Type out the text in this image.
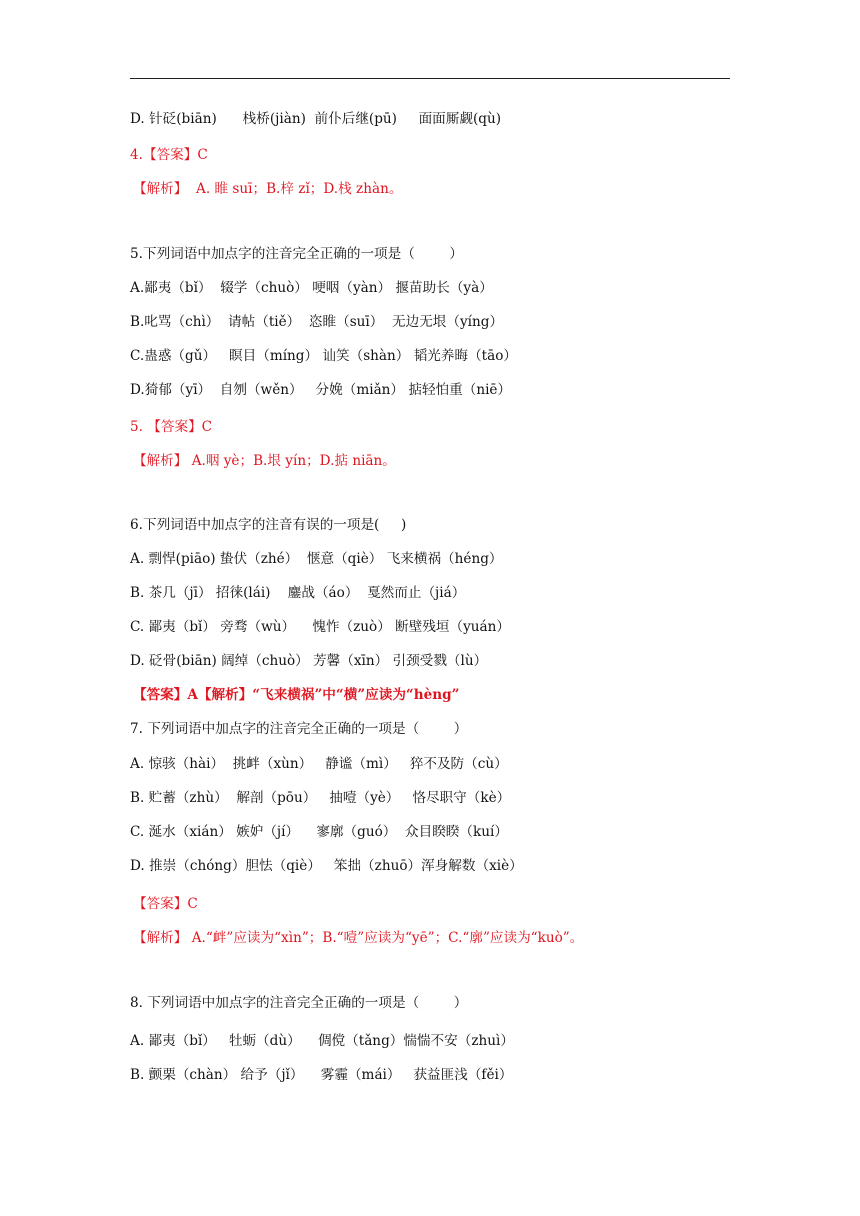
D. 针砭(biān)      栈桥(jiàn)  前仆后继(pū)     面面厮觑(qù)
4.【答案】C
【解析】  A. 睢 suī；B.梓 zǐ；D.栈 zhàn。
5.下列词语中加点字的注音完全正确的一项是（        ）
A.鄙夷（bǐ）  辍学（chuò） 哽咽（yàn） 揠苗助长（yà）
B.叱骂（chì）  请帖（tiě）  恣睢（suī）  无边无垠（yíng）
C.蛊惑（gǔ）   瞑目（míng） 讪笑（shàn） 韬光养晦（tāo）
D.猗郁（yī）  自刎（wěn）   分娩（miǎn） 掂轻怕重（niē）
5. 【答案】C
【解析】 A.咽 yè；B.垠 yín；D.掂 niān。
6.下列词语中加点字的注音有误的一项是(     )
A. 剽悍(piāo) 蛰伏（zhé）  惬意（qiè） 飞来横祸（héng）
B. 茶几（jī） 招徕(lái)    鏖战（áo）  戛然而止（jiá）
C. 鄙夷（bǐ） 旁骛（wù）    愧怍（zuò） 断壁残垣（yuán）
D. 砭骨(biān) 阔绰（chuò） 芳馨（xīn） 引颈受戮（lù）
【答案】A【解析】“飞来横祸”中“横”应读为“hèng”
7. 下列词语中加点字的注音完全正确的一项是（        ）
A. 惊骇（hài）  挑衅（xùn）   静谧（mì）   猝不及防（cù）
B. 贮蓄（zhù）  解剖（pōu）   抽噎（yè）   恪尽职守（kè）
C. 涎水（xián） 嫉妒（jí）    寥廓（guó）  众目睽睽（kuí）
D. 推崇（chóng）胆怯（qiè）   笨拙（zhuō）浑身解数（xiè）
【答案】C
【解析】 A.“衅”应读为“xìn”；B.“噎”应读为“yē”；C.“廓”应读为“kuò”。
8. 下列词语中加点字的注音完全正确的一项是（        ）
A. 鄙夷（bǐ）   牡蛎（dù）    倜傥（tǎng）惴惴不安（zhuì）
B. 颤栗（chàn） 给予（jǐ）    雾霾（mái）   获益匪浅（fěi）
